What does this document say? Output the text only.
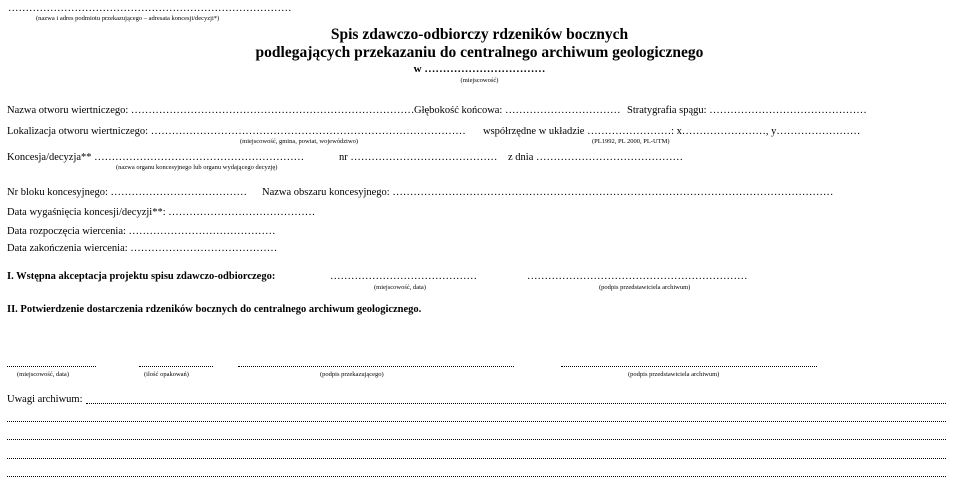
………………………………………………………………………
(nazwa i adres podmiotu przekazującego – adresata koncesji/decyzji*)
Spis zdawczo-odbiorczy rdzeników bocznych
podlegających przekazaniu do centralnego archiwum geologicznego
w ……………………………
(miejscowość)
Nazwa otworu wiertniczego: ……………………………………………………………………… Głębokość końcowa: …………………………… Stratygrafia spągu: ………………………………………
Lokalizacja otworu wiertniczego: ……………………………………………………………………………… współrzędne w układzie ……………………: x……………………, y……………………
(miejscowość, gmina, powiat, województwo)	(PL1992, PL 2000, PL-UTM)
Koncesja/decyzja** ……………………………………………………	nr …………………………………… z dnia ……………………………………
(nazwa organu koncesyjnego lub organu wydającego decyzję)
Nr bloku koncesyjnego: ………………………………… Nazwa obszaru koncesyjnego: ………………………………………………………………………………………………………………
Data wygaśnięcia koncesji/decyzji**: ……………………………………
Data rozpoczęcia wiercenia: ……………………………………
Data zakończenia wiercenia: ……………………………………
I. Wstępna akceptacja projektu spisu zdawczo-odbiorczego:	……………………………………	………………………………………………………
(miejscowość, data)	(podpis przedstawiciela archiwum)
II. Potwierdzenie dostarczenia rdzeników bocznych do centralnego archiwum geologicznego.
(miejscowość, data)	(ilość opakowań)	(podpis przekazującego)	(podpis przedstawiciela archiwum)
Uwagi archiwum:
